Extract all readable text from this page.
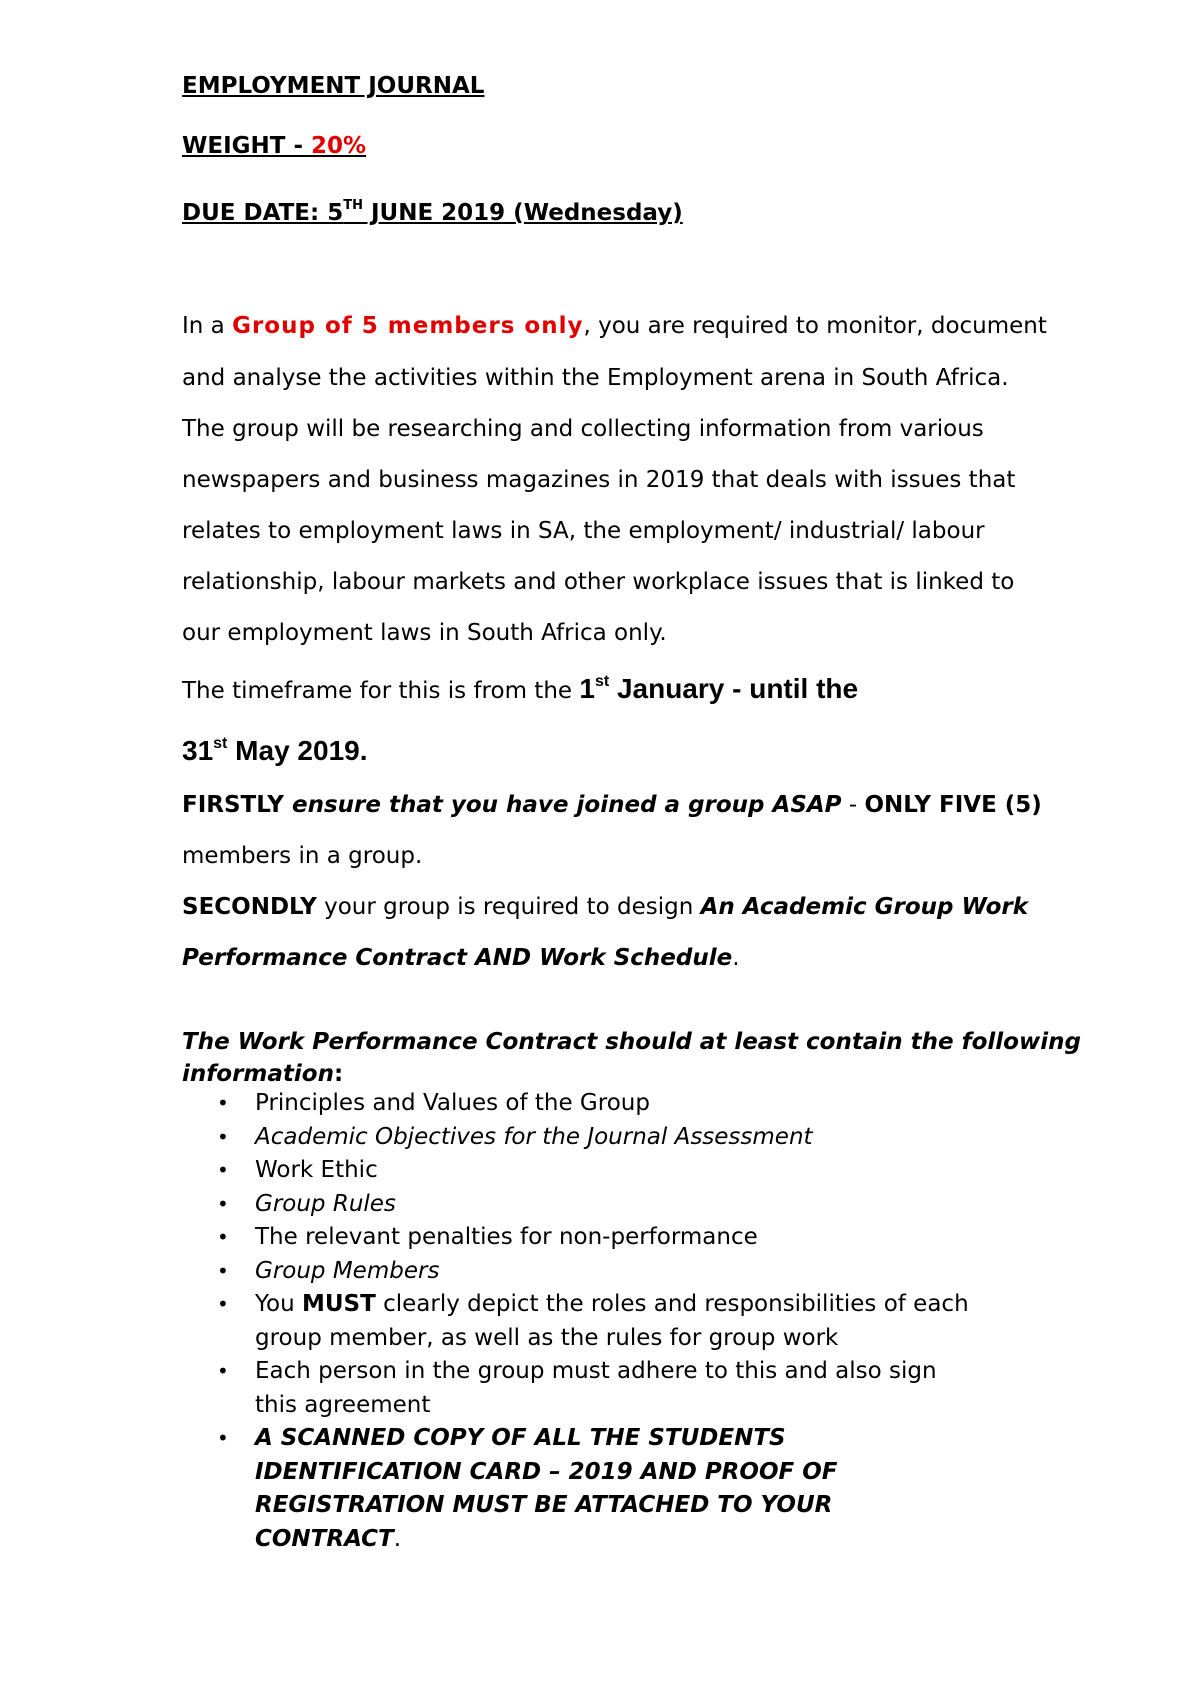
EMPLOYMENT JOURNAL

WEIGHT - 20%

DUE DATE: 5TH JUNE 2019 (Wednesday)

In a Group of 5 members only, you are required to monitor, document

and analyse the activities within the Employment arena in South Africa.

The group will be researching and collecting information from various

newspapers and business magazines in 2019 that deals with issues that

relates to employment laws in SA, the employment/ industrial/ labour

relationship, labour markets and other workplace issues that is linked to

our employment laws in South Africa only.

The timeframe for this is from the 1st January - until the

31st May 2019.

FIRSTLY ensure that you have joined a group ASAP - ONLY FIVE (5)

members in a group.

SECONDLY your group is required to design An Academic Group Work

Performance Contract AND Work Schedule.

The Work Performance Contract should at least contain the following

information:

• Principles and Values of the Group
• Academic Objectives for the Journal Assessment
• Work Ethic
• Group Rules
• The relevant penalties for non-performance
• Group Members
• You MUST clearly depict the roles and responsibilities of each group member, as well as the rules for group work
• Each person in the group must adhere to this and also sign this agreement
• A SCANNED COPY OF ALL THE STUDENTS IDENTIFICATION CARD – 2019 AND PROOF OF REGISTRATION MUST BE ATTACHED TO YOUR CONTRACT.
